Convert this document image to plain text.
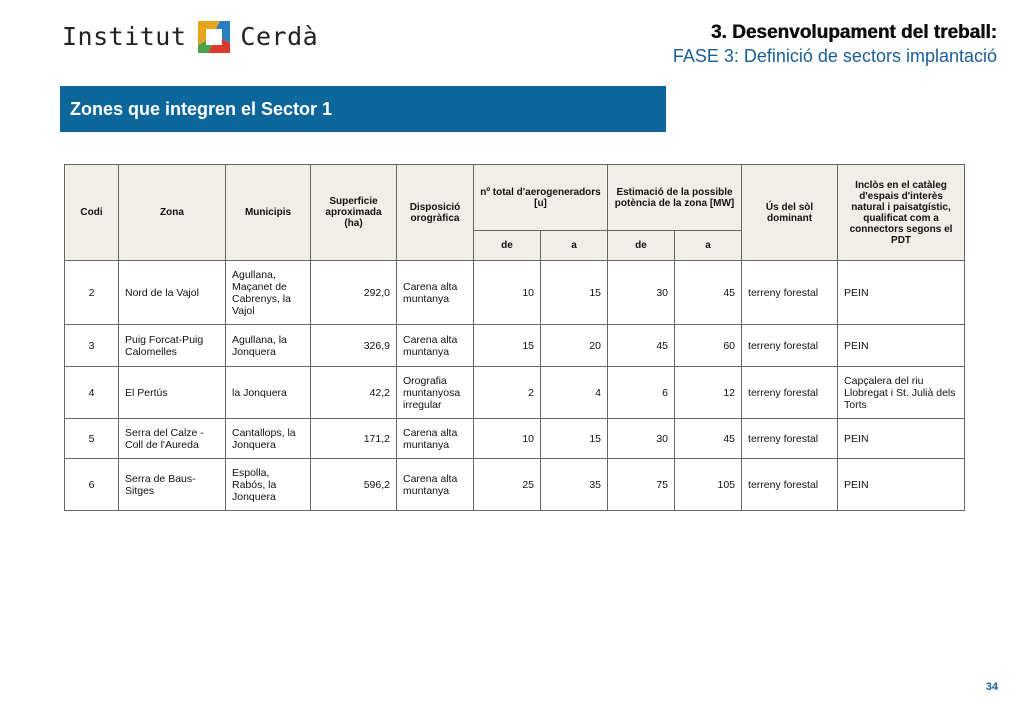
Institut Cerdà	3. Desenvolupament del treball:
FASE 3: Definició de sectors implantació
Zones que integren el Sector 1
Codi	Zona	Municipis	Superficie aproximada (ha)	Disposició orogràfica	nº total d'aerogeneradors [u]		Estimació de la possible potència de la zona [MW]		Ús del sòl dominant	Inclòs en el catàleg d'espais d'interès natural i paisatgístic, qualificat com a connectors segons el PDT
					de	a	de	a		
2	Nord de la Vajol	Agullana, Maçanet de Cabrenys, la Vajol	292,0	Carena alta muntanya	10	15	30	45	terreny forestal	PEIN
3	Puig Forcat-Puig Calomelles	Agullana, la Jonquera	326,9	Carena alta muntanya	15	20	45	60	terreny forestal	PEIN
4	El Pertús	la Jonquera	42,2	Orografia muntanyosa irregular	2	4	6	12	terreny forestal	Capçalera del riu Llobregat i St. Julià dels Torts
5	Serra del Calze - Coll de l'Aureda	Cantallops, la Jonquera	171,2	Carena alta muntanya	10	15	30	45	terreny forestal	PEIN
6	Serra de Baus-Sitges	Espolla, Rabós, la Jonquera	596,2	Carena alta muntanya	25	35	75	105	terreny forestal	PEIN
34
